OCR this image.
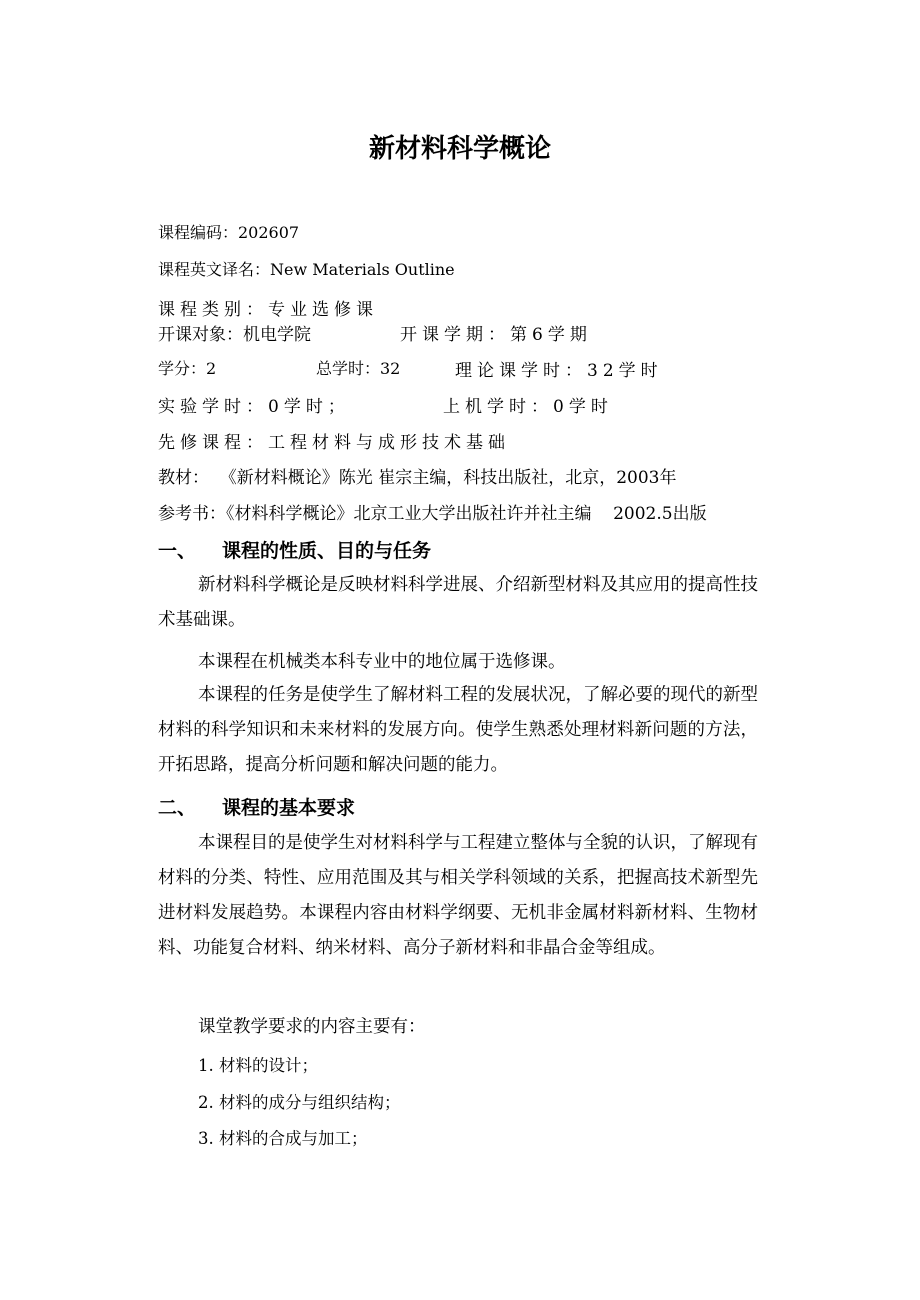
新材料科学概论
课程编码：202607
课程英文译名：New Materials Outline
课程类别：专业选修课
开课对象：机电学院	开课学期：第6学期
学分：2	总学时：32	理论课学时：32学时
实验学时：0学时；	上机学时：0学时
先修课程：工程材料与成形技术基础
教材：  《新材料概论》陈光 崔宗主编，科技出版社，北京，2003年
参考书：《材料科学概论》北京工业大学出版社许并社主编    2002.5出版
一、 课程的性质、目的与任务
新材料科学概论是反映材料科学进展、介绍新型材料及其应用的提高性技术基础课。
本课程在机械类本科专业中的地位属于选修课。
本课程的任务是使学生了解材料工程的发展状况，了解必要的现代的新型材料的科学知识和未来材料的发展方向。使学生熟悉处理材料新问题的方法，开拓思路，提高分析问题和解决问题的能力。
二、 课程的基本要求
本课程目的是使学生对材料科学与工程建立整体与全貌的认识，了解现有材料的分类、特性、应用范围及其与相关学科领域的关系，把握高技术新型先进材料发展趋势。本课程内容由材料学纲要、无机非金属材料新材料、生物材料、功能复合材料、纳米材料、高分子新材料和非晶合金等组成。
课堂教学要求的内容主要有：
1. 材料的设计；
2. 材料的成分与组织结构；
3. 材料的合成与加工；
